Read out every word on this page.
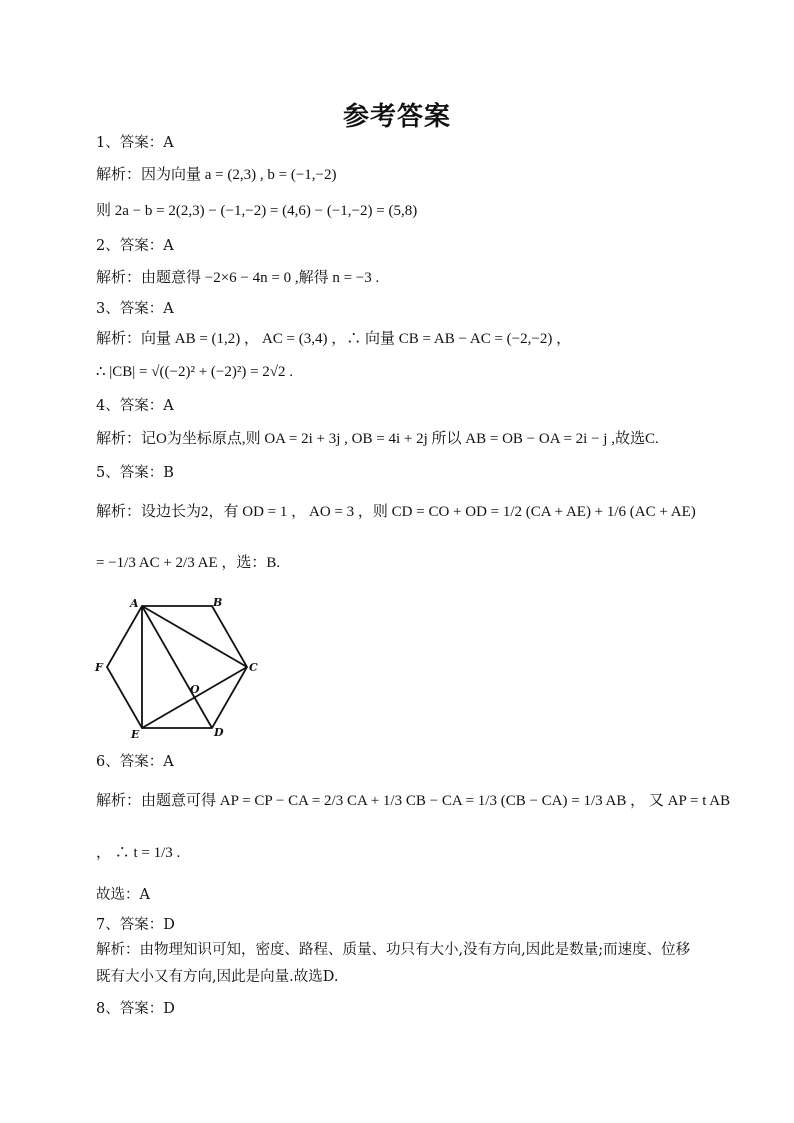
参考答案
1、答案：A
解析：因为向量 a = (2,3) , b = (−1,−2)
则 2a − b = 2(2,3) − (−1,−2) = (4,6) − (−1,−2) = (5,8)
2、答案：A
解析：由题意得 −2×6 − 4n = 0 ,解得 n = −3 .
3、答案：A
解析：向量 AB = (1,2) ， AC = (3,4) ，∴ 向量 CB = AB − AC = (−2,−2) ，
∴ |CB| = √((−2)² + (−2)²) = 2√2 .
4、答案：A
解析：记O为坐标原点,则 OA = 2i + 3j , OB = 4i + 2j 所以 AB = OB − OA = 2i − j ,故选C.
5、答案：B
解析：设边长为2，有 OD = 1 ， AO = 3 ，则 CD = CO + OD = 1/2 (CA + AE) + 1/6 (AC + AE)
= −1/3 AC + 2/3 AE ，选：B.
A	B
C
D
E
F
O
6、答案：A
解析：由题意可得 AP = CP − CA = 2/3 CA + 1/3 CB − CA = 1/3 (CB − CA) = 1/3 AB ， 又 AP = t AB
， ∴ t = 1/3 .
故选：A
7、答案：D
解析：由物理知识可知，密度、路程、质量、功只有大小,没有方向,因此是数量;而速度、位移既有大小又有方向,因此是向量.故选D.
8、答案：D
